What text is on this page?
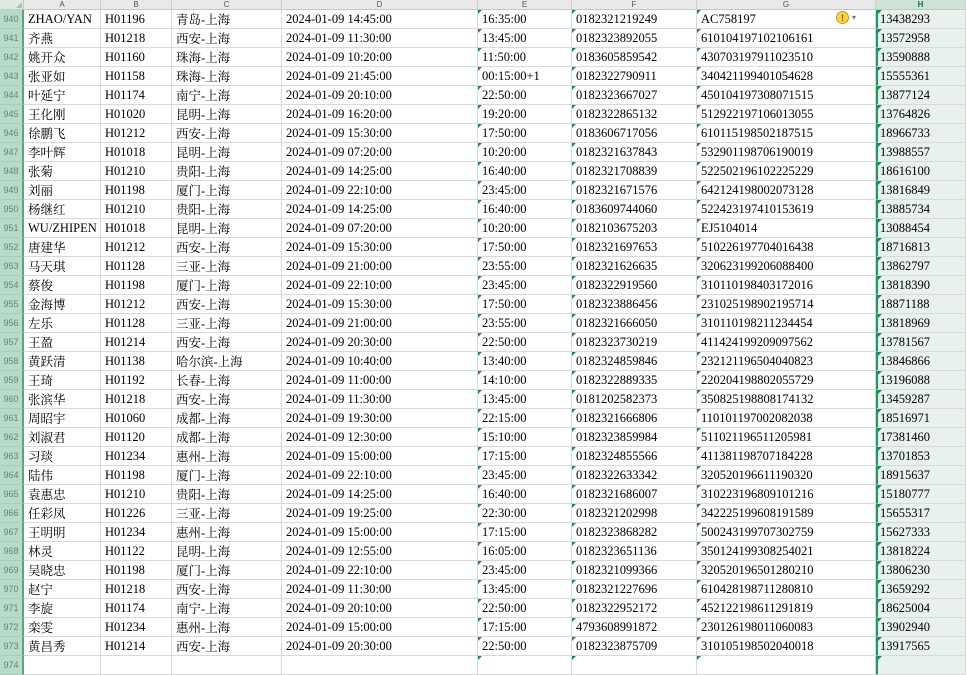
A	B	C	D	E	F	G	H
940 ZHAO/YAN	H01196	青岛-上海	2024-01-09 14:45:00	16:35:00	0182321219249	AC758197	13438293
941 齐燕	H01218	西安-上海	2024-01-09 11:30:00	13:45:00	0182323892055	610104197102106161	13572958
942 姚开众	H01160	珠海-上海	2024-01-09 10:20:00	11:50:00	0183605859542	430703197911023510	13590888
943 张亚如	H01158	珠海-上海	2024-01-09 21:45:00	00:15:00+1	0182322790911	340421199401054628	15555361
944 叶延宁	H01174	南宁-上海	2024-01-09 20:10:00	22:50:00	0182323667027	450104197308071515	13877124
945 王化刚	H01020	昆明-上海	2024-01-09 16:20:00	19:20:00	0182322865132	512922197106013055	13764826
946 徐鹏飞	H01212	西安-上海	2024-01-09 15:30:00	17:50:00	0183606717056	610115198502187515	18966733
947 李叶辉	H01018	昆明-上海	2024-01-09 07:20:00	10:20:00	0182321637843	532901198706190019	13988557
948 张菊	H01210	贵阳-上海	2024-01-09 14:25:00	16:40:00	0182321708839	522502196102225229	18616100
949 刘丽	H01198	厦门-上海	2024-01-09 22:10:00	23:45:00	0182321671576	642124198002073128	13816849
950 杨继红	H01210	贵阳-上海	2024-01-09 14:25:00	16:40:00	0183609744060	522423197410153619	13885734
951 WU/ZHIPEN H01018	昆明-上海	2024-01-09 07:20:00	10:20:00	0182103675203	EJ5104014	13088454
952 唐建华	H01212	西安-上海	2024-01-09 15:30:00	17:50:00	0182321697653	510226197704016438	18716813
953 马天琪	H01128	三亚-上海	2024-01-09 21:00:00	23:55:00	0182321626635	320623199206088400	13862797
954 蔡俊	H01198	厦门-上海	2024-01-09 22:10:00	23:45:00	0182322919560	310110198403172016	13818390
955 金海博	H01212	西安-上海	2024-01-09 15:30:00	17:50:00	0182323886456	231025198902195714	18871188
956 左乐	H01128	三亚-上海	2024-01-09 21:00:00	23:55:00	0182321666050	310110198211234454	13818969
957 王盈	H01214	西安-上海	2024-01-09 20:30:00	22:50:00	0182323730219	411424199209097562	13781567
958 黄跃清	H01138	哈尔滨-上海	2024-01-09 10:40:00	13:40:00	0182324859846	232121196504040823	13846866
959 王琦	H01192	长春-上海	2024-01-09 11:00:00	14:10:00	0182322889335	220204198802055729	13196088
960 张滨华	H01218	西安-上海	2024-01-09 11:30:00	13:45:00	0181202582373	350825198808174132	13459287
961 周昭宇	H01060	成都-上海	2024-01-09 19:30:00	22:15:00	0182321666806	110101197002082038	18516971
962 刘淑君	H01120	成都-上海	2024-01-09 12:30:00	15:10:00	0182323859984	511021196511205981	17381460
963 习琰	H01234	惠州-上海	2024-01-09 15:00:00	17:15:00	0182324855566	411381198707184228	13701853
964 陆伟	H01198	厦门-上海	2024-01-09 22:10:00	23:45:00	0182322633342	320520196611190320	18915637
965 袁惠忠	H01210	贵阳-上海	2024-01-09 14:25:00	16:40:00	0182321686007	310223196809101216	15180777
966 任彩凤	H01226	三亚-上海	2024-01-09 19:25:00	22:30:00	0182321202998	342225199608191589	15655317
967 王明明	H01234	惠州-上海	2024-01-09 15:00:00	17:15:00	0182323868282	500243199707302759	15627333
968 林灵	H01122	昆明-上海	2024-01-09 12:55:00	16:05:00	0182323651136	350124199308254021	13818224
969 吴晓忠	H01198	厦门-上海	2024-01-09 22:10:00	23:45:00	0182321099366	320520196501280210	13806230
970 赵宁	H01218	西安-上海	2024-01-09 11:30:00	13:45:00	0182321227696	610428198711280810	13659292
971 李旋	H01174	南宁-上海	2024-01-09 20:10:00	22:50:00	0182322952172	452122198611291819	18625004
972 栾雯	H01234	惠州-上海	2024-01-09 15:00:00	17:15:00	4793608991872	230126198011060083	13902940
973 黄昌秀	H01214	西安-上海	2024-01-09 20:30:00	22:50:00	0182323875709	310105198502040018	13917565
974
!	▾
